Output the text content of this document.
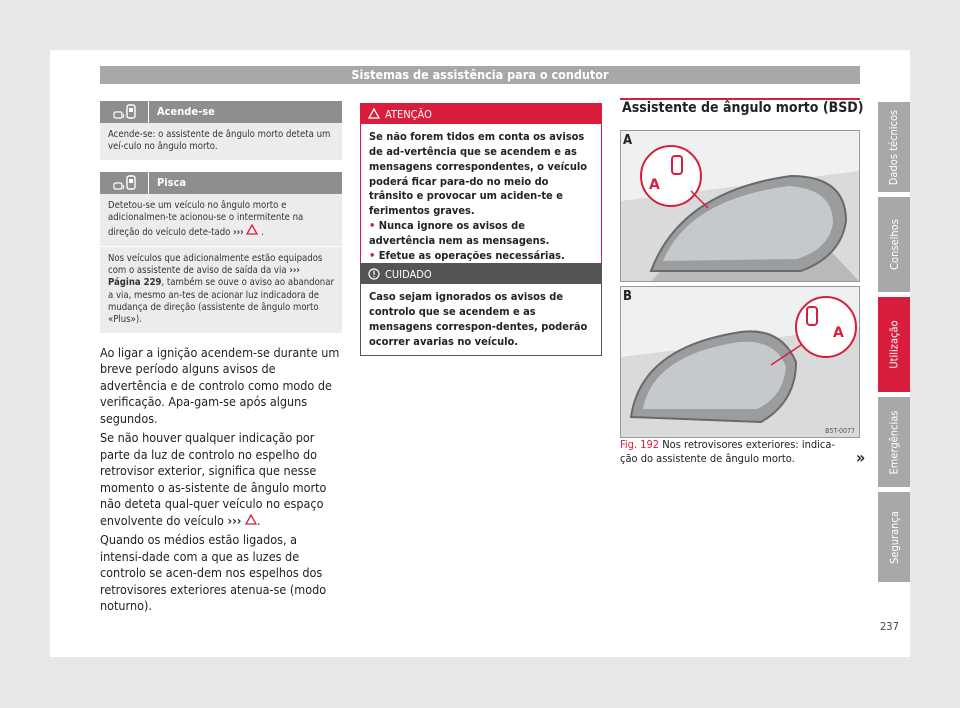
Sistemas de assistência para o condutor
Acende-se
Acende-se: o assistente de ângulo morto deteta um veí-culo no ângulo morto.
Pisca
Detetou-se um veículo no ângulo morto e adicionalmen-te acionou-se o intermitente na direção do veículo dete-tado ››› .
Nos veículos que adicionalmente estão equipados com o assistente de aviso de saída da via ››› Página 229, também se ouve o aviso ao abandonar a via, mesmo an-tes de acionar luz indicadora de mudança de direção (assistente de ângulo morto «Plus»).

Ao ligar a ignição acendem-se durante um breve período alguns avisos de advertência e de controlo como modo de verificação. Apa-gam-se após alguns segundos.

Se não houver qualquer indicação por parte da luz de controlo no espelho do retrovisor exterior, significa que nesse momento o as-sistente de ângulo morto não deteta qual-quer veículo no espaço envolvente do veículo ››› .

Quando os médios estão ligados, a intensi-dade com a que as luzes de controlo se acen-dem nos espelhos dos retrovisores exteriores atenua-se (modo noturno).

ATENÇÃO
Se não forem tidos em conta os avisos de ad-vertência que se acendem e as mensagens correspondentes, o veículo poderá ficar para-do no meio do trânsito e provocar um aciden-te e ferimentos graves.
• Nunca ignore os avisos de advertência nem as mensagens.
• Efetue as operações necessárias.
CUIDADO
Caso sejam ignorados os avisos de controlo que se acendem e as mensagens correspon-dentes, poderão ocorrer avarias no veículo.
Assistente de ângulo morto (BSD)
A
A
A
B
B5T-0077
Fig. 192 Nos retrovisores exteriores: indica-ção do assistente de ângulo morto.	»
Dados técnicos
Conselhos
Utilização
Emergências
Segurança
237
